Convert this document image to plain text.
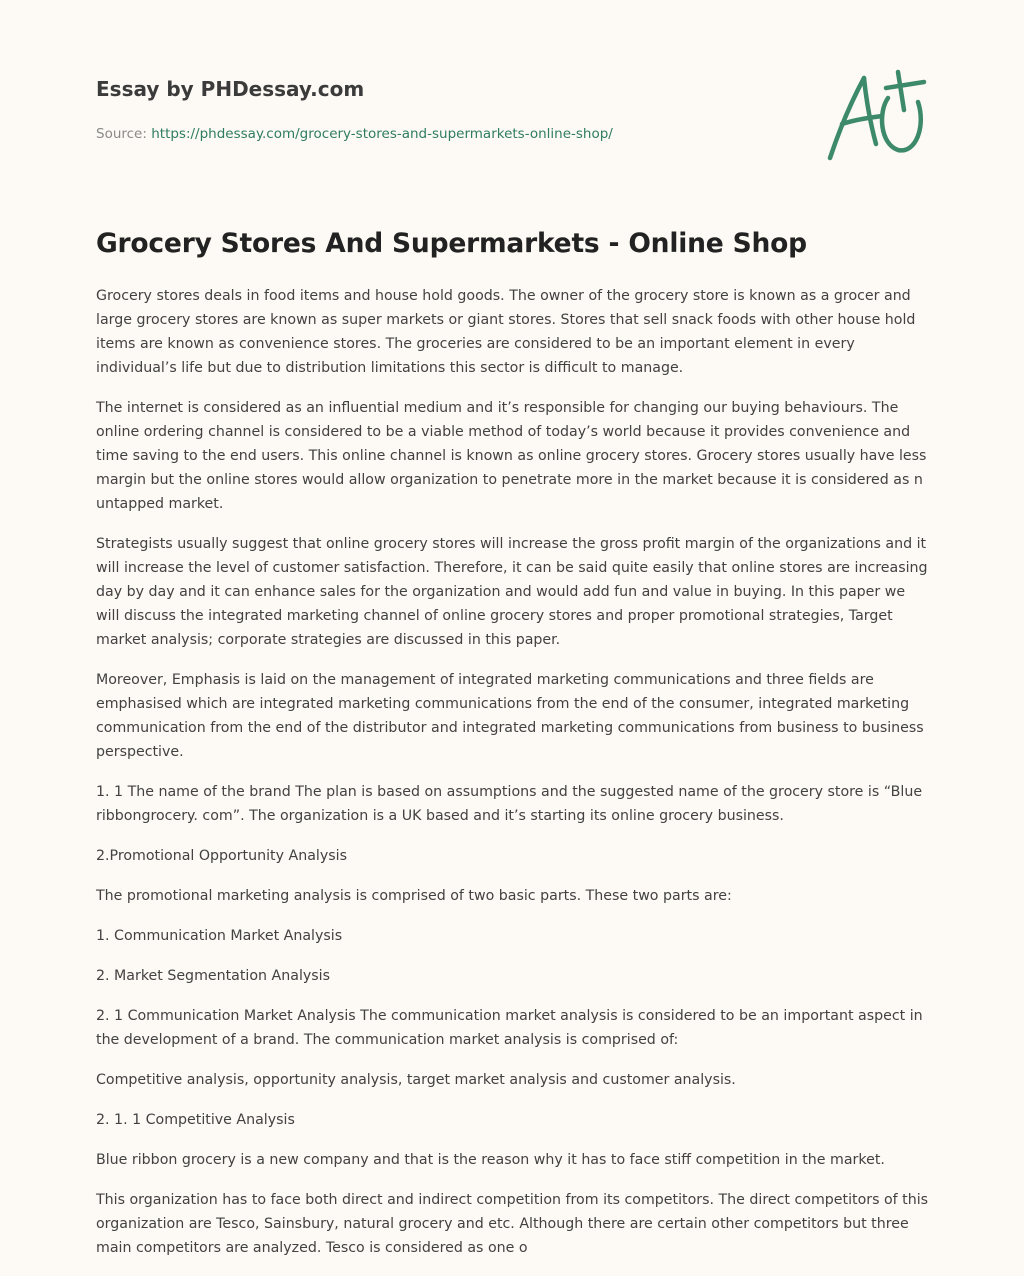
Essay by PHDessay.com
Source: https://phdessay.com/grocery-stores-and-supermarkets-online-shop/
Grocery Stores And Supermarkets - Online Shop

Grocery stores deals in food items and house hold goods. The owner of the grocery store is known as a grocer and large grocery stores are known as super markets or giant stores. Stores that sell snack foods with other house hold items are known as convenience stores. The groceries are considered to be an important element in every individual’s life but due to distribution limitations this sector is difficult to manage.

The internet is considered as an influential medium and it’s responsible for changing our buying behaviours. The online ordering channel is considered to be a viable method of today’s world because it provides convenience and time saving to the end users. This online channel is known as online grocery stores. Grocery stores usually have less margin but the online stores would allow organization to penetrate more in the market because it is considered as n untapped market.

Strategists usually suggest that online grocery stores will increase the gross profit margin of the organizations and it will increase the level of customer satisfaction. Therefore, it can be said quite easily that online stores are increasing day by day and it can enhance sales for the organization and would add fun and value in buying. In this paper we will discuss the integrated marketing channel of online grocery stores and proper promotional strategies, Target market analysis; corporate strategies are discussed in this paper.

Moreover, Emphasis is laid on the management of integrated marketing communications and three fields are emphasised which are integrated marketing communications from the end of the consumer, integrated marketing communication from the end of the distributor and integrated marketing communications from business to business perspective.

1. 1 The name of the brand The plan is based on assumptions and the suggested name of the grocery store is “Blue ribbongrocery. com”. The organization is a UK based and it’s starting its online grocery business.

2.Promotional Opportunity Analysis

The promotional marketing analysis is comprised of two basic parts. These two parts are:

1. Communication Market Analysis

2. Market Segmentation Analysis

2. 1 Communication Market Analysis The communication market analysis is considered to be an important aspect in the development of a brand. The communication market analysis is comprised of:

Competitive analysis, opportunity analysis, target market analysis and customer analysis.

2. 1. 1 Competitive Analysis

Blue ribbon grocery is a new company and that is the reason why it has to face stiff competition in the market.

This organization has to face both direct and indirect competition from its competitors. The direct competitors of this organization are Tesco, Sainsbury, natural grocery and etc. Although there are certain other competitors but three main competitors are analyzed. Tesco is considered as one o
